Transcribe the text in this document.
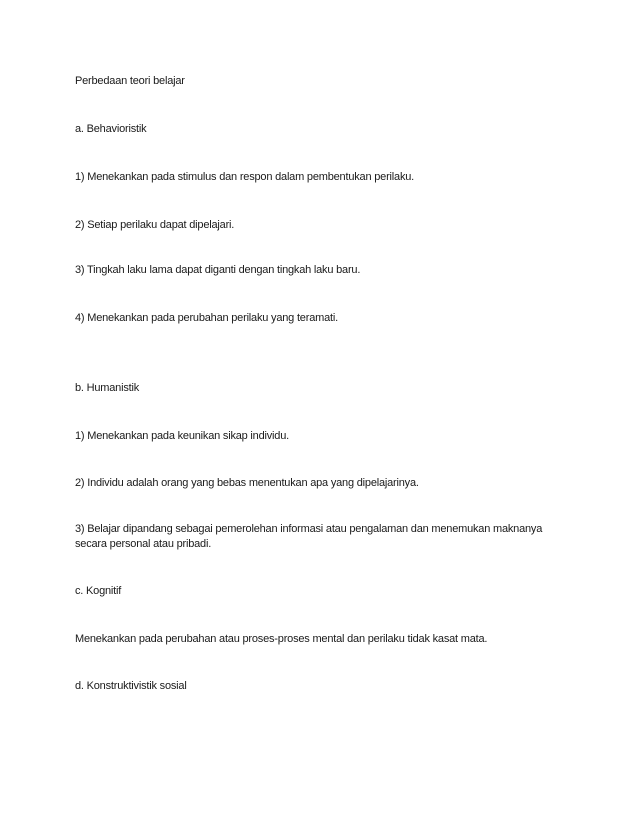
Perbedaan teori belajar
a. Behavioristik
1) Menekankan pada stimulus dan respon dalam pembentukan perilaku.
2) Setiap perilaku dapat dipelajari.
3) Tingkah laku lama dapat diganti dengan tingkah laku baru.
4) Menekankan pada perubahan perilaku yang teramati.
b. Humanistik
1) Menekankan pada keunikan sikap individu.
2) Individu adalah orang yang bebas menentukan apa yang dipelajarinya.
3) Belajar dipandang sebagai pemerolehan informasi atau pengalaman dan menemukan maknanya secara personal atau pribadi.
c. Kognitif
Menekankan pada perubahan atau proses-proses mental dan perilaku tidak kasat mata.
d. Konstruktivistik sosial
